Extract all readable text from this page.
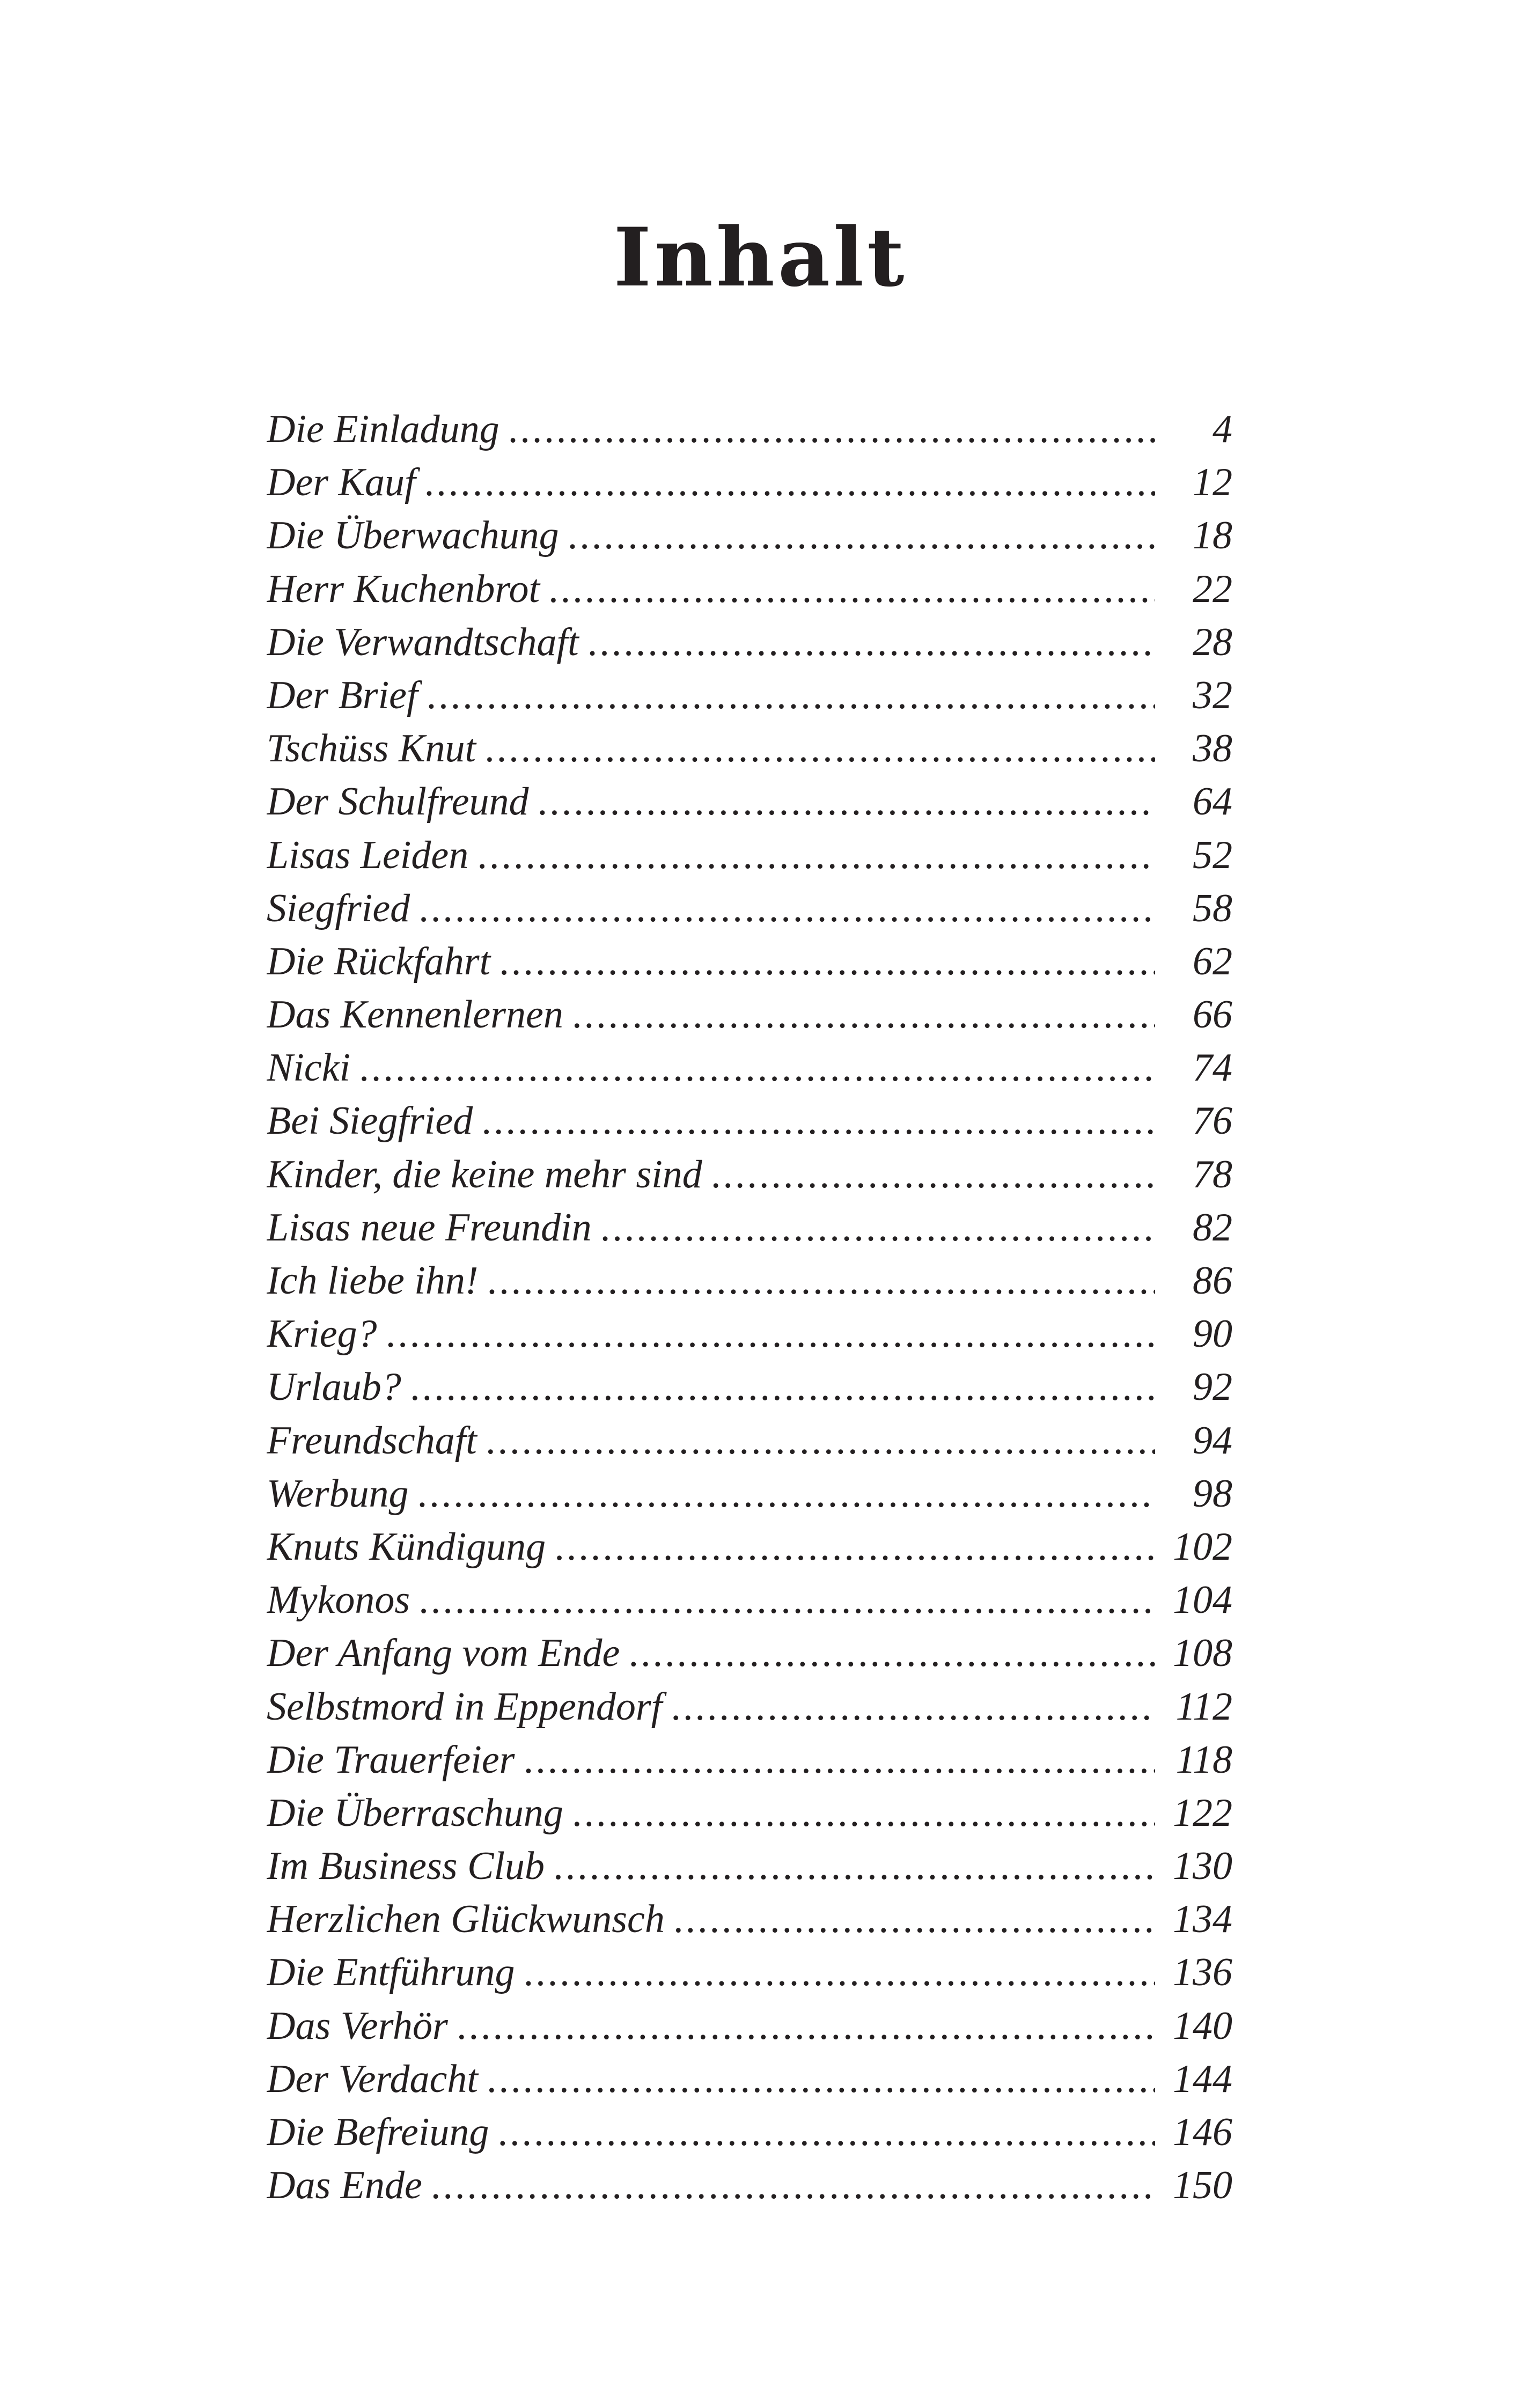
Inhalt
Die Einladung .....	4
Der Kauf .....	12
Die Überwachung .....	18
Herr Kuchenbrot .....	22
Die Verwandtschaft .....	28
Der Brief .....	32
Tschüss Knut .....	38
Der Schulfreund .....	64
Lisas Leiden .....	52
Siegfried .....	58
Die Rückfahrt .....	62
Das Kennenlernen .....	66
Nicki .....	74
Bei Siegfried .....	76
Kinder, die keine mehr sind .....	78
Lisas neue Freundin .....	82
Ich liebe ihn! .....	86
Krieg? .....	90
Urlaub? .....	92
Freundschaft .....	94
Werbung .....	98
Knuts Kündigung .....	102
Mykonos .....	104
Der Anfang vom Ende .....	108
Selbstmord in Eppendorf .....	112
Die Trauerfeier .....	118
Die Überraschung .....	122
Im Business Club .....	130
Herzlichen Glückwunsch .....	134
Die Entführung .....	136
Das Verhör .....	140
Der Verdacht .....	144
Die Befreiung .....	146
Das Ende .....	150
